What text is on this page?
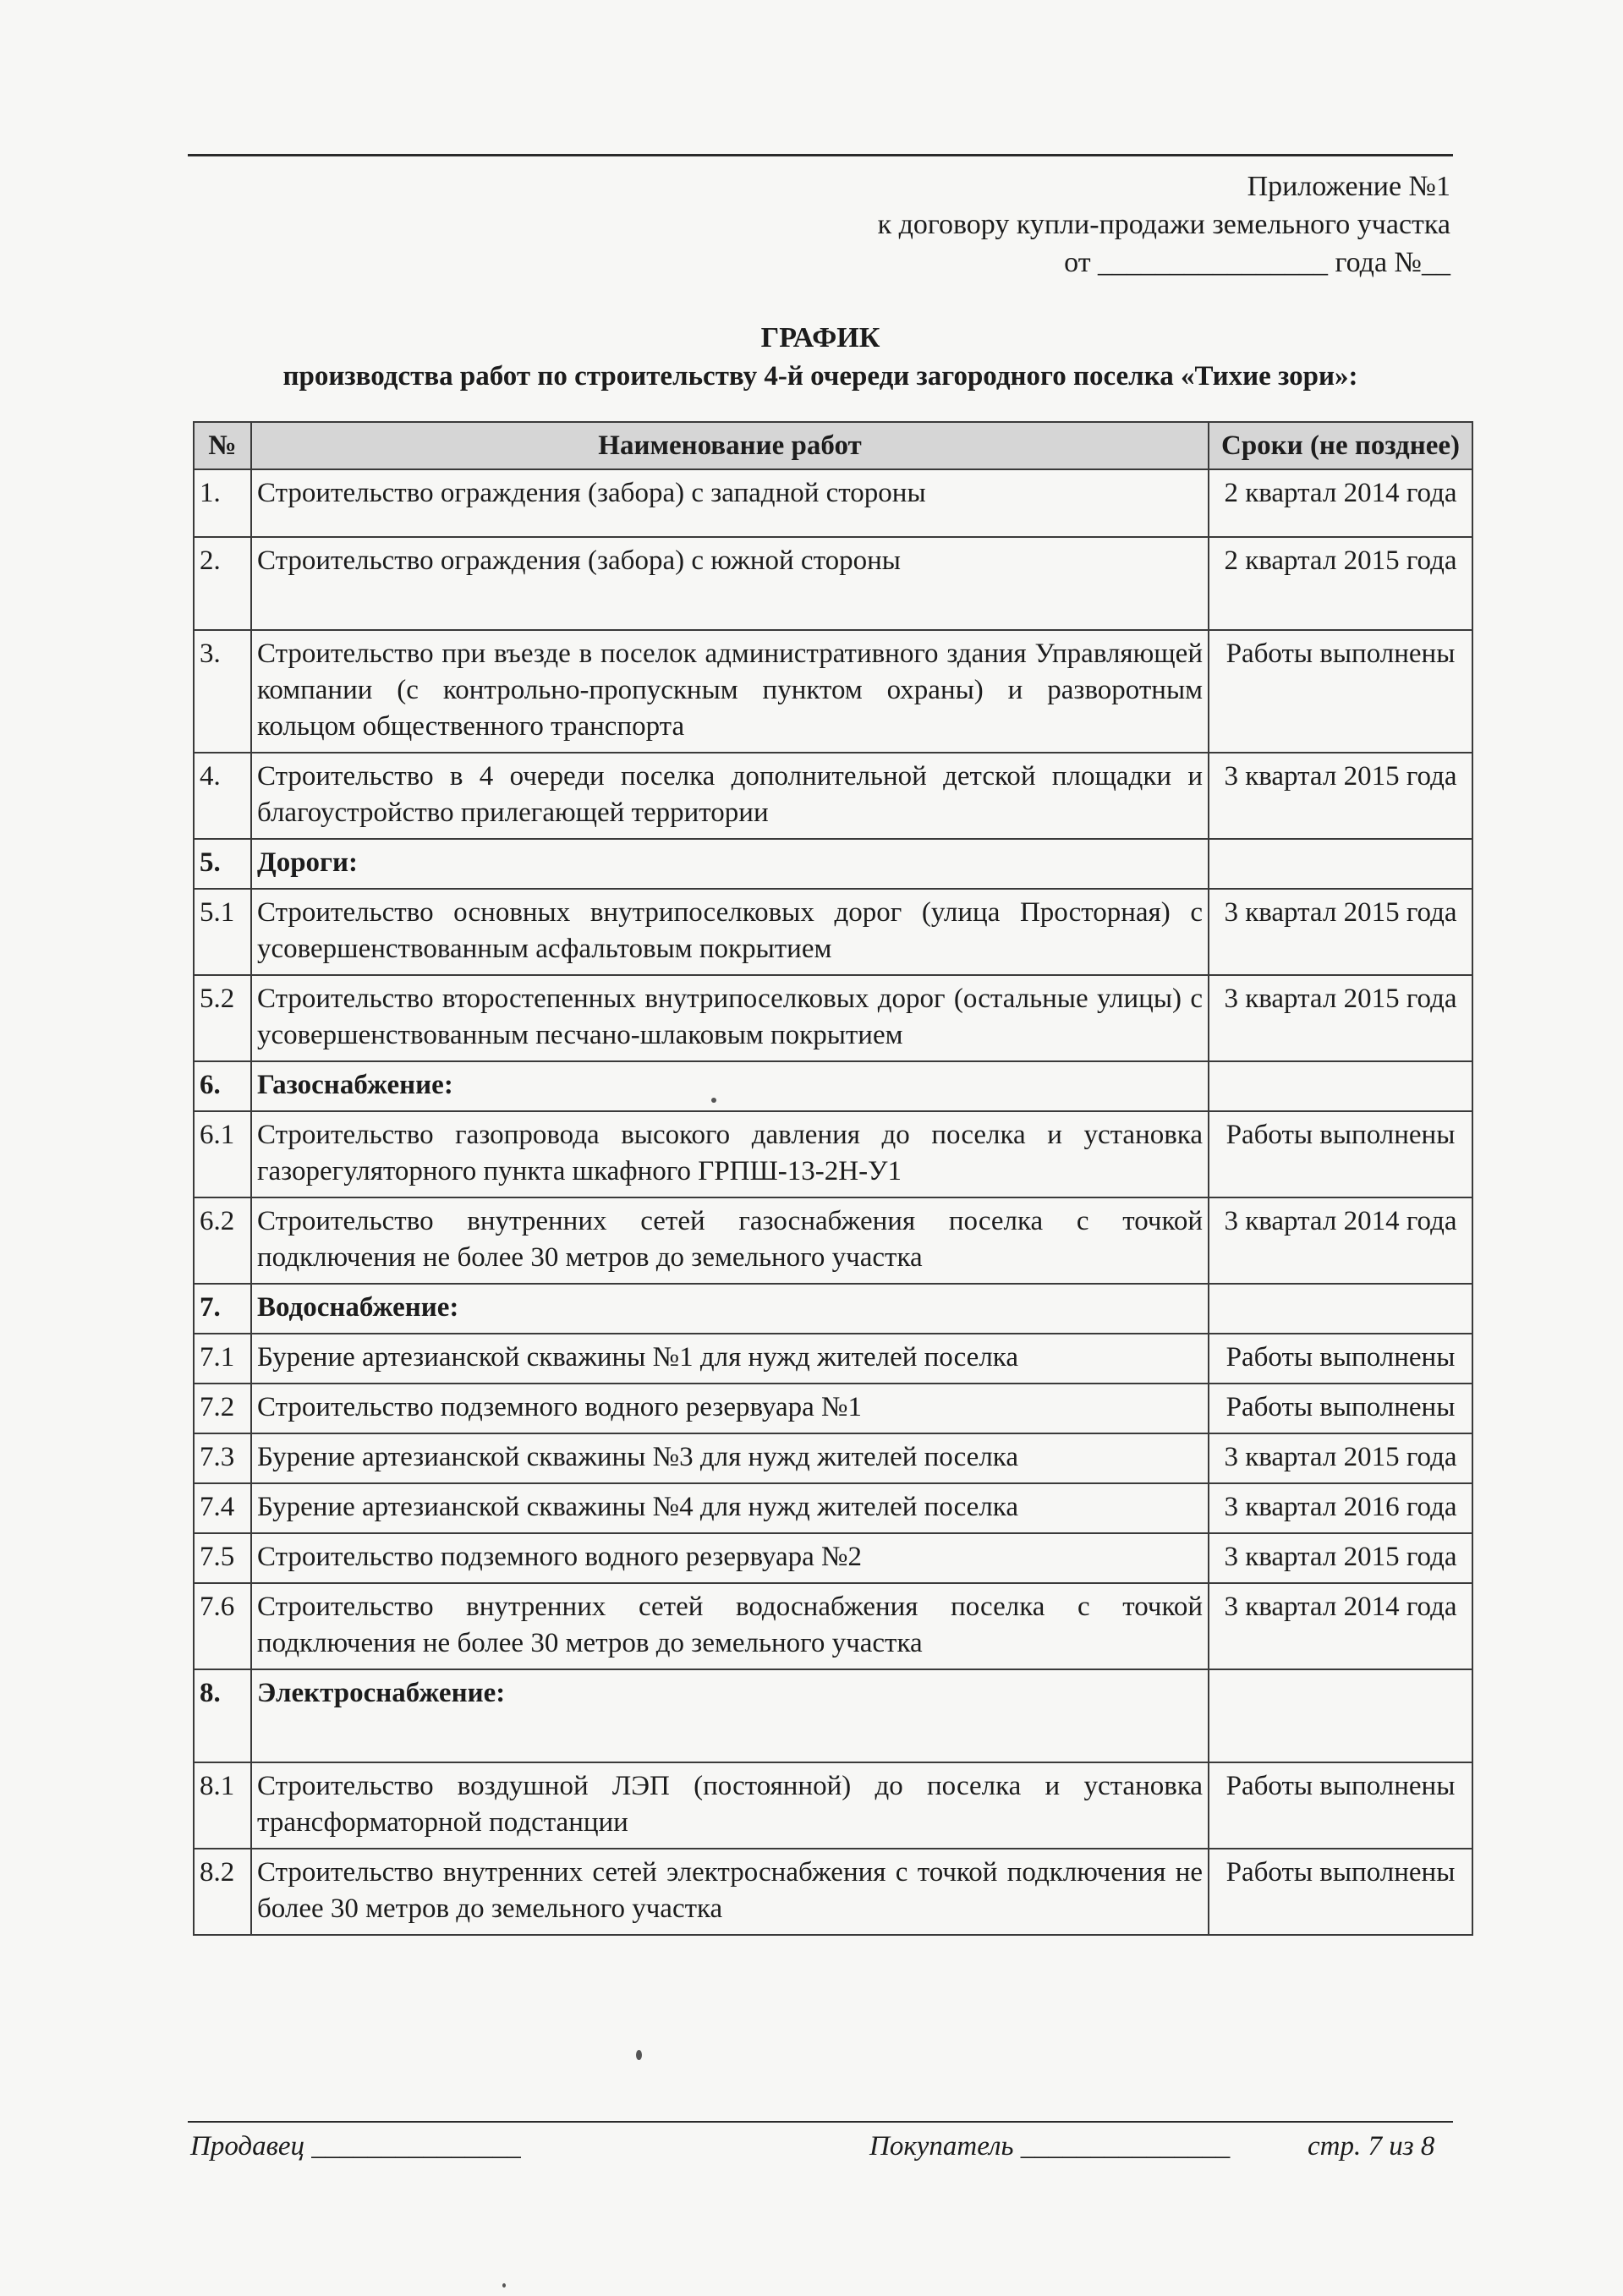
Приложение №1
к договору купли-продажи земельного участка
от ________________ года №__
ГРАФИК
производства работ по строительству 4-й очереди загородного поселка «Тихие зори»:
№	Наименование работ	Сроки (не позднее)
1.	Строительство ограждения (забора) с западной стороны	2 квартал 2014 года
2.	Строительство ограждения (забора) с южной стороны	2 квартал 2015 года
3.	Строительство при въезде в поселок административного здания Управляющей компании (с контрольно-пропускным пунктом охраны) и разворотным кольцом общественного транспорта	Работы выполнены
4.	Строительство в 4 очереди поселка дополнительной детской площадки и благоустройство прилегающей территории	3 квартал 2015 года
5.	Дороги:	
5.1	Строительство основных внутрипоселковых дорог (улица Просторная) с усовершенствованным асфальтовым покрытием	3 квартал 2015 года
5.2	Строительство второстепенных внутрипоселковых дорог (остальные улицы) с усовершенствованным песчано-шлаковым покрытием	3 квартал 2015 года
6.	Газоснабжение:	
6.1	Строительство газопровода высокого давления до поселка и установка газорегуляторного пункта шкафного ГРПШ-13-2Н-У1	Работы выполнены
6.2	Строительство внутренних сетей газоснабжения поселка с точкой подключения не более 30 метров до земельного участка	3 квартал 2014 года
7.	Водоснабжение:	
7.1	Бурение артезианской скважины №1 для нужд жителей поселка	Работы выполнены
7.2	Строительство подземного водного резервуара №1	Работы выполнены
7.3	Бурение артезианской скважины №3 для нужд жителей поселка	3 квартал 2015 года
7.4	Бурение артезианской скважины №4 для нужд жителей поселка	3 квартал 2016 года
7.5	Строительство подземного водного резервуара №2	3 квартал 2015 года
7.6	Строительство внутренних сетей водоснабжения поселка с точкой подключения не более 30 метров до земельного участка	3 квартал 2014 года
8.	Электроснабжение:	
8.1	Строительство воздушной ЛЭП (постоянной) до поселка и установка трансформаторной подстанции	Работы выполнены
8.2	Строительство внутренних сетей электроснабжения с точкой подключения не более 30 метров до земельного участка	Работы выполнены
Продавец _______________	Покупатель _______________	стр. 7 из 8
